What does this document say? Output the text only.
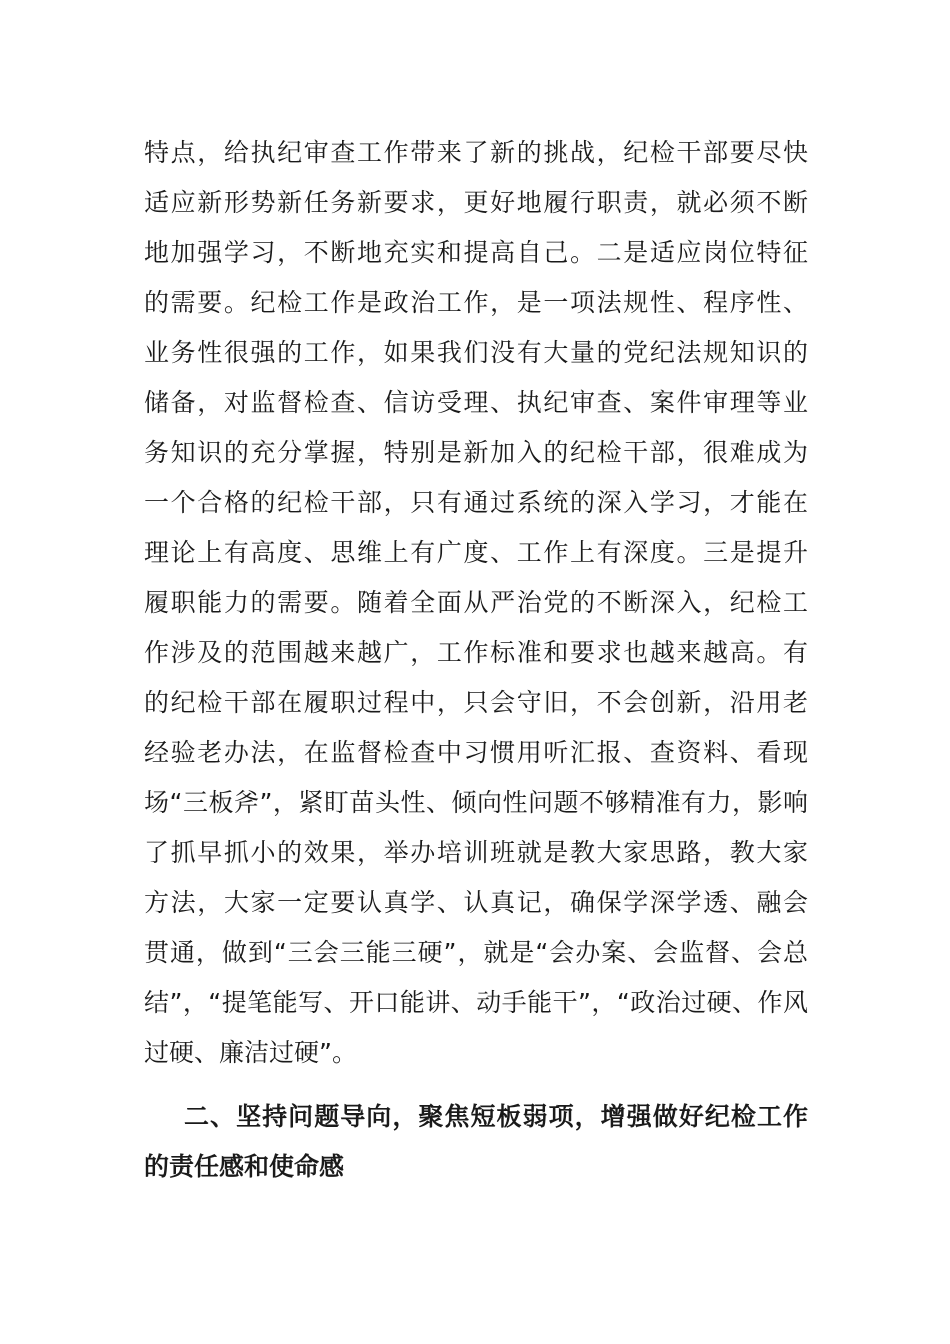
特点，给执纪审查工作带来了新的挑战，纪检干部要尽快
适应新形势新任务新要求，更好地履行职责，就必须不断
地加强学习，不断地充实和提高自己。二是适应岗位特征
的需要。纪检工作是政治工作，是一项法规性、程序性、
业务性很强的工作，如果我们没有大量的党纪法规知识的
储备，对监督检查、信访受理、执纪审查、案件审理等业
务知识的充分掌握，特别是新加入的纪检干部，很难成为
一个合格的纪检干部，只有通过系统的深入学习，才能在
理论上有高度、思维上有广度、工作上有深度。三是提升
履职能力的需要。随着全面从严治党的不断深入，纪检工
作涉及的范围越来越广，工作标准和要求也越来越高。有
的纪检干部在履职过程中，只会守旧，不会创新，沿用老
经验老办法，在监督检查中习惯用听汇报、查资料、看现
场“三板斧”，紧盯苗头性、倾向性问题不够精准有力，影响
了抓早抓小的效果，举办培训班就是教大家思路，教大家
方法，大家一定要认真学、认真记，确保学深学透、融会
贯通，做到“三会三能三硬”，就是“会办案、会监督、会总
结”，“提笔能写、开口能讲、动手能干”，“政治过硬、作风
过硬、廉洁过硬”。
二、坚持问题导向，聚焦短板弱项，增强做好纪检工作
的责任感和使命感
